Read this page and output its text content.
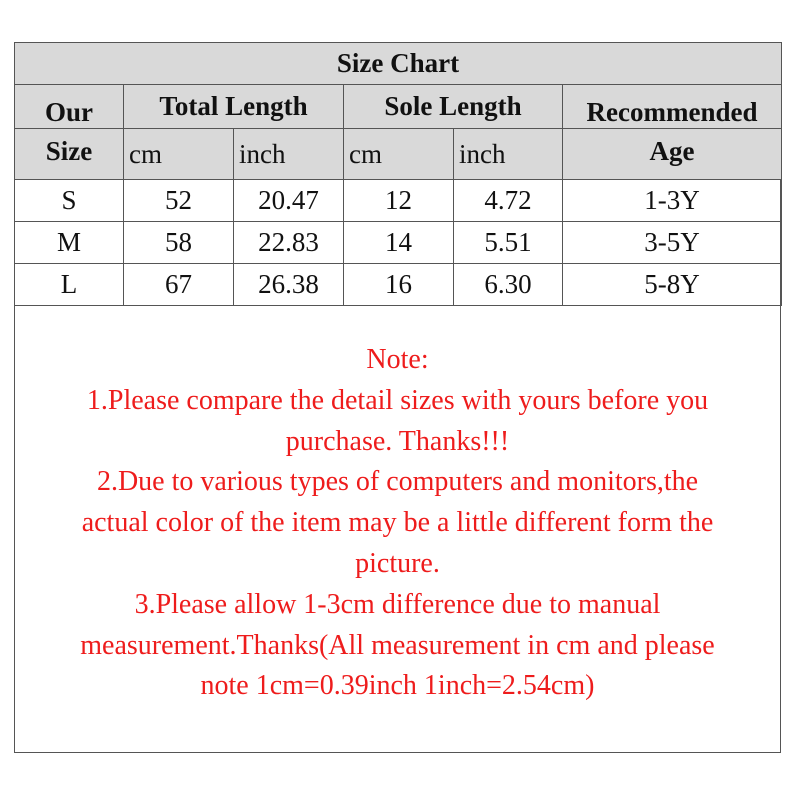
Size Chart					
Our	Total Length		Sole Length		Recommended
Size	cm	inch	cm	inch	Age
S	52	20.47	12	4.72	1-3Y
M	58	22.83	14	5.51	3-5Y
L	67	26.38	16	6.30	5-8Y
Note:
1.Please compare the detail sizes with yours before you
purchase. Thanks!!!
2.Due to various types of computers and monitors,the
actual color of the item may be a little different form the
picture.
3.Please allow 1-3cm difference due to manual
measurement.Thanks(All measurement in cm and please
note 1cm=0.39inch 1inch=2.54cm)
